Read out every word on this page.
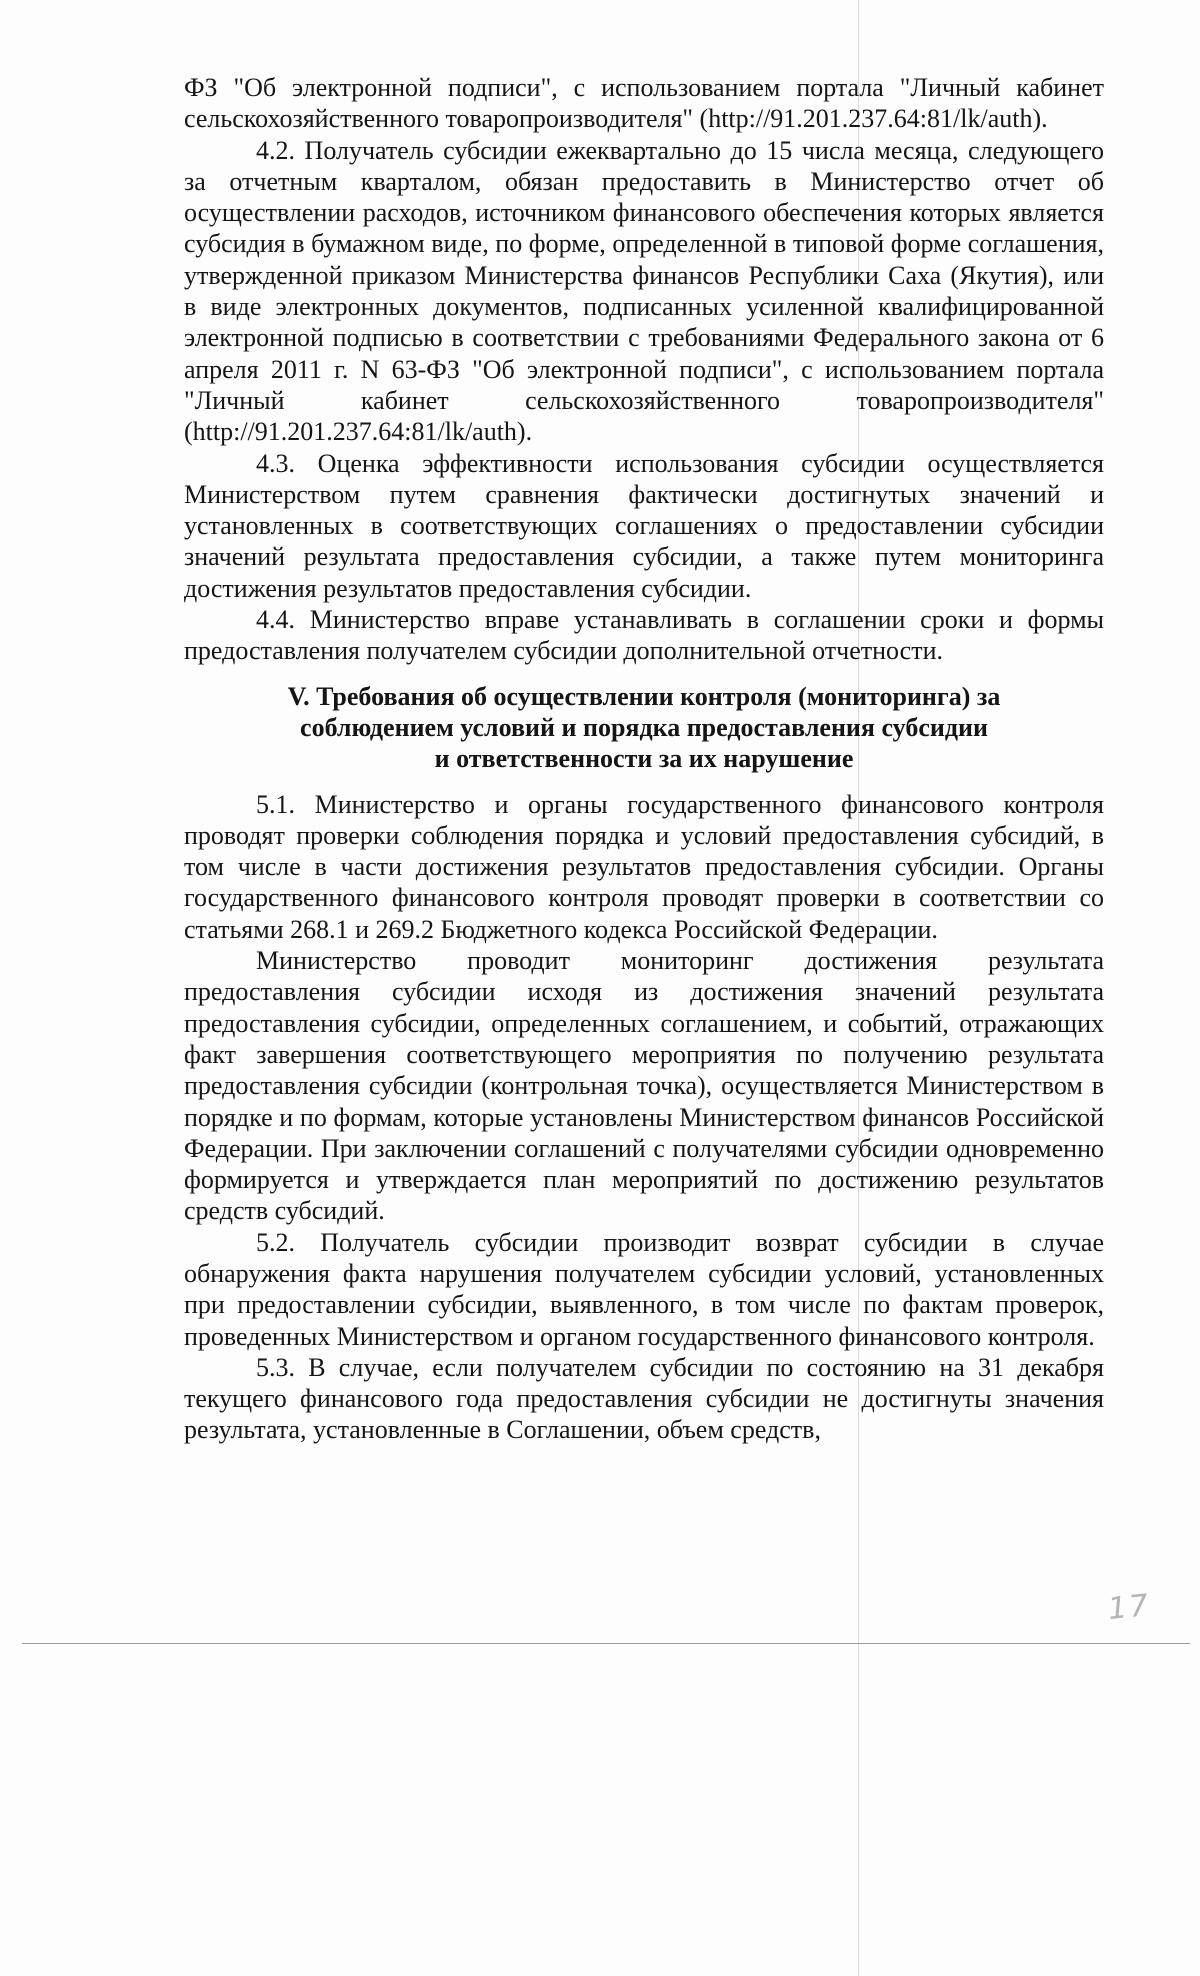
ФЗ "Об электронной подписи", с использованием портала "Личный кабинет сельскохозяйственного товаропроизводителя" (http://91.201.237.64:81/lk/auth).

4.2. Получатель субсидии ежеквартально до 15 числа месяца, следующего за отчетным кварталом, обязан предоставить в Министерство отчет об осуществлении расходов, источником финансового обеспечения которых является субсидия в бумажном виде, по форме, определенной в типовой форме соглашения, утвержденной приказом Министерства финансов Республики Саха (Якутия), или в виде электронных документов, подписанных усиленной квалифицированной электронной подписью в соответствии с требованиями Федерального закона от 6 апреля 2011 г. N 63-ФЗ "Об электронной подписи", с использованием портала "Личный кабинет сельскохозяйственного товаропроизводителя" (http://91.201.237.64:81/lk/auth).

4.3. Оценка эффективности использования субсидии осуществляется Министерством путем сравнения фактически достигнутых значений и установленных в соответствующих соглашениях о предоставлении субсидии значений результата предоставления субсидии, а также путем мониторинга достижения результатов предоставления субсидии.

4.4. Министерство вправе устанавливать в соглашении сроки и формы предоставления получателем субсидии дополнительной отчетности.

V. Требования об осуществлении контроля (мониторинга) за
соблюдением условий и порядка предоставления субсидии
и ответственности за их нарушение

5.1. Министерство и органы государственного финансового контроля проводят проверки соблюдения порядка и условий предоставления субсидий, в том числе в части достижения результатов предоставления субсидии. Органы государственного финансового контроля проводят проверки в соответствии со статьями 268.1 и 269.2 Бюджетного кодекса Российской Федерации.

Министерство проводит мониторинг достижения результата предоставления субсидии исходя из достижения значений результата предоставления субсидии, определенных соглашением, и событий, отражающих факт завершения соответствующего мероприятия по получению результата предоставления субсидии (контрольная точка), осуществляется Министерством в порядке и по формам, которые установлены Министерством финансов Российской Федерации. При заключении соглашений с получателями субсидии одновременно формируется и утверждается план мероприятий по достижению результатов средств субсидий.

5.2. Получатель субсидии производит возврат субсидии в случае обнаружения факта нарушения получателем субсидии условий, установленных при предоставлении субсидии, выявленного, в том числе по фактам проверок, проведенных Министерством и органом государственного финансового контроля.

5.3. В случае, если получателем субсидии по состоянию на 31 декабря текущего финансового года предоставления субсидии не достигнуты значения результата, установленные в Соглашении, объем средств,

17
